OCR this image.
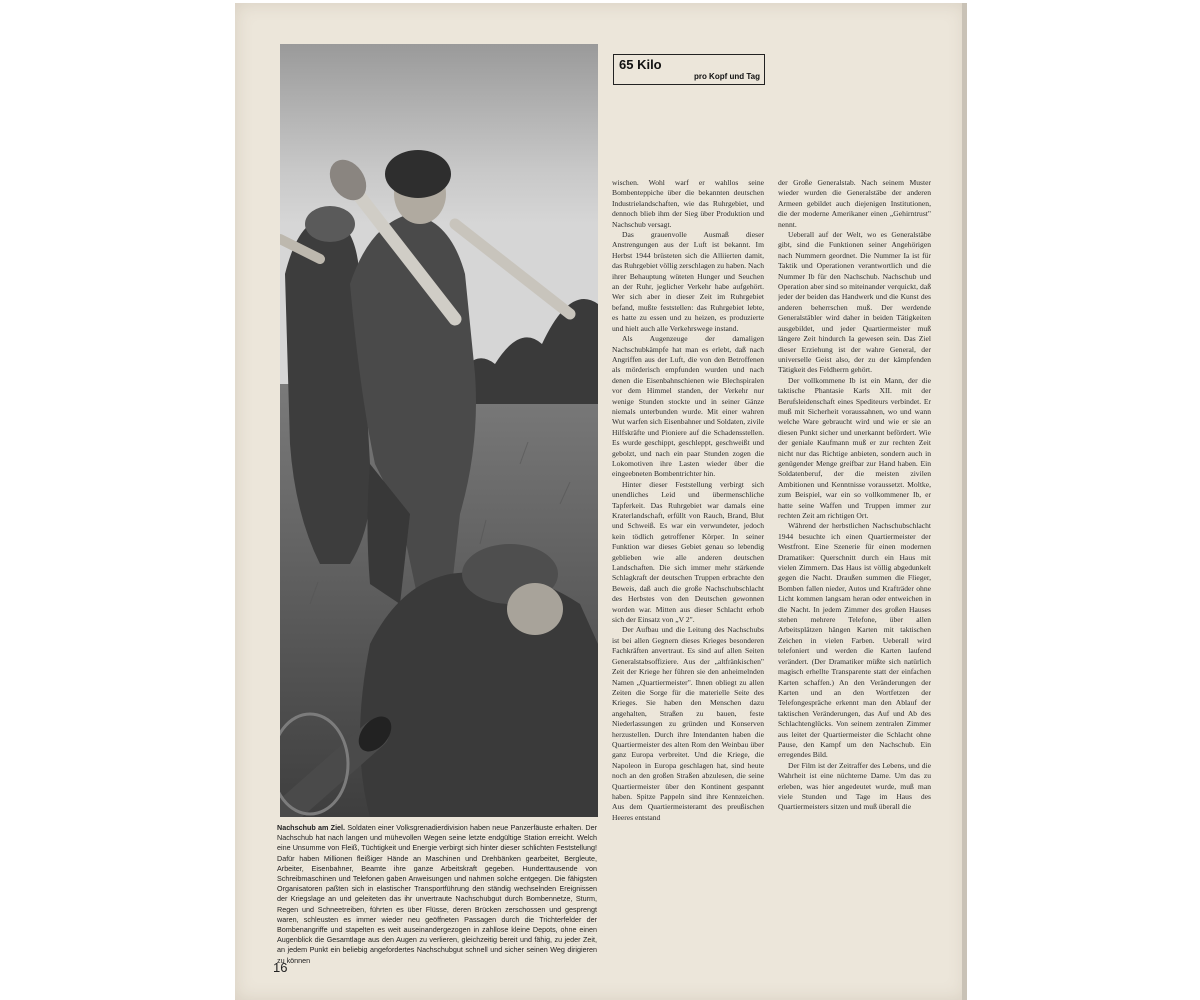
Nachschub am Ziel. Soldaten einer Volksgrenadierdivision haben neue Panzerfäuste erhalten. Der Nachschub hat nach langen und mühevollen Wegen seine letzte endgültige Station erreicht. Welch eine Unsumme von Fleiß, Tüchtigkeit und Energie verbirgt sich hinter dieser schlichten Feststellung! Dafür haben Millionen fleißiger Hände an Maschinen und Drehbänken gearbeitet, Bergleute, Arbeiter, Eisenbahner, Beamte ihre ganze Arbeitskraft gegeben. Hunderttausende von Schreibmaschinen und Telefonen gaben Anweisungen und nahmen solche entgegen. Die fähigsten Organisatoren paßten sich in elastischer Transportführung den ständig wechselnden Ereignissen der Kriegslage an und geleiteten das ihr unvertraute Nachschubgut durch Bombennetze, Sturm, Regen und Schneetreiben, führten es über Flüsse, deren Brücken zerschossen und gesprengt waren, schleusten es immer wieder neu geöffneten Passagen durch die Trichterfelder der Bombenangriffe und stapelten es weit auseinandergezogen in zahllose kleine Depots, ohne einen Augenblick die Gesamtlage aus den Augen zu verlieren, gleichzeitig bereit und fähig, zu jeder Zeit, an jedem Punkt ein beliebig angefordertes Nachschubgut schnell und sicher seinen Weg dirigieren zu können

16
65 Kilo
pro Kopf und Tag

wischen. Wohl warf er wahllos seine Bombenteppiche über die bekannten deutschen Industrielandschaften, wie das Ruhrgebiet, und dennoch blieb ihm der Sieg über Produktion und Nachschub versagt.

Das grauenvolle Ausmaß dieser Anstrengungen aus der Luft ist bekannt. Im Herbst 1944 brüsteten sich die Alliierten damit, das Ruhrgebiet völlig zerschlagen zu haben. Nach ihrer Behauptung wüteten Hunger und Seuchen an der Ruhr, jeglicher Verkehr habe aufgehört. Wer sich aber in dieser Zeit im Ruhrgebiet befand, mußte feststellen: das Ruhrgebiet lebte, es hatte zu essen und zu heizen, es produzierte und hielt auch alle Verkehrswege instand.

Als Augenzeuge der damaligen Nachschubkämpfe hat man es erlebt, daß nach Angriffen aus der Luft, die von den Betroffenen als mörderisch empfunden wurden und nach denen die Eisenbahnschienen wie Blechspiralen vor dem Himmel standen, der Verkehr nur wenige Stunden stockte und in seiner Gänze niemals unterbunden wurde. Mit einer wahren Wut warfen sich Eisenbahner und Soldaten, zivile Hilfskräfte und Pioniere auf die Schadensstellen. Es wurde geschippt, geschleppt, geschweißt und gebolzt, und nach ein paar Stunden zogen die Lokomotiven ihre Lasten wieder über die eingeebneten Bombentrichter hin.

Hinter dieser Feststellung verbirgt sich unendliches Leid und übermenschliche Tapferkeit. Das Ruhrgebiet war damals eine Kraterlandschaft, erfüllt von Rauch, Brand, Blut und Schweiß. Es war ein verwundeter, jedoch kein tödlich getroffener Körper. In seiner Funktion war dieses Gebiet genau so lebendig geblieben wie alle anderen deutschen Landschaften. Die sich immer mehr stärkende Schlagkraft der deutschen Truppen erbrachte den Beweis, daß auch die große Nachschubschlacht des Herbstes von den Deutschen gewonnen worden war. Mitten aus dieser Schlacht erhob sich der Einsatz von „V 2".

Der Aufbau und die Leitung des Nachschubs ist bei allen Gegnern dieses Krieges besonderen Fachkräften anvertraut. Es sind auf allen Seiten Generalstabsoffiziere. Aus der „altfränkischen" Zeit der Kriege her führen sie den anheimelnden Namen „Quartiermeister". Ihnen obliegt zu allen Zeiten die Sorge für die materielle Seite des Krieges. Sie haben den Menschen dazu angehalten, Straßen zu bauen, feste Niederlassungen zu gründen und Konserven herzustellen. Durch ihre Intendanten haben die Quartiermeister des alten Rom den Weinbau über ganz Europa verbreitet. Und die Kriege, die Napoleon in Europa geschlagen hat, sind heute noch an den großen Straßen abzulesen, die seine Quartiermeister über den Kontinent gespannt haben. Spitze Pappeln sind ihre Kennzeichen. Aus dem Quartiermeisteramt des preußischen Heeres entstand

der Große Generalstab. Nach seinem Muster wieder wurden die Generalstäbe der anderen Armeen gebildet auch diejenigen Institutionen, die der moderne Amerikaner einen „Gehirntrust" nennt.

Ueberall auf der Welt, wo es Generalstäbe gibt, sind die Funktionen seiner Angehörigen nach Nummern geordnet. Die Nummer Ia ist für Taktik und Operationen verantwortlich und die Nummer Ib für den Nachschub. Nachschub und Operation aber sind so miteinander verquickt, daß jeder der beiden das Handwerk und die Kunst des anderen beherrschen muß. Der werdende Generalstäbler wird daher in beiden Tätigkeiten ausgebildet, und jeder Quartiermeister muß längere Zeit hindurch Ia gewesen sein. Das Ziel dieser Erziehung ist der wahre General, der universelle Geist also, der zu der kämpfenden Tätigkeit des Feldherrn gehört.

Der vollkommene Ib ist ein Mann, der die taktische Phantasie Karls XII. mit der Berufsleidenschaft eines Spediteurs verbindet. Er muß mit Sicherheit voraussahnen, wo und wann welche Ware gebraucht wird und wie er sie an diesen Punkt sicher und unerkannt befördert. Wie der geniale Kaufmann muß er zur rechten Zeit nicht nur das Richtige anbieten, sondern auch in genügender Menge greifbar zur Hand haben. Ein Soldatenberuf, der die meisten zivilen Ambitionen und Kenntnisse voraussetzt. Moltke, zum Beispiel, war ein so vollkommener Ib, er hatte seine Waffen und Truppen immer zur rechten Zeit am richtigen Ort.

Während der herbstlichen Nachschubschlacht 1944 besuchte ich einen Quartiermeister der Westfront. Eine Szenerie für einen modernen Dramatiker: Querschnitt durch ein Haus mit vielen Zimmern. Das Haus ist völlig abgedunkelt gegen die Nacht. Draußen summen die Flieger, Bomben fallen nieder, Autos und Krafträder ohne Licht kommen langsam heran oder entweichen in die Nacht. In jedem Zimmer des großen Hauses stehen mehrere Telefone, über allen Arbeitsplätzen hängen Karten mit taktischen Zeichen in vielen Farben. Ueberall wird telefoniert und werden die Karten laufend verändert. (Der Dramatiker müßte sich natürlich magisch erhellte Transparente statt der einfachen Karten schaffen.) An den Veränderungen der Karten und an den Wortfetzen der Telefongespräche erkennt man den Ablauf der taktischen Veränderungen, das Auf und Ab des Schlachtenglücks. Von seinem zentralen Zimmer aus leitet der Quartiermeister die Schlacht ohne Pause, den Kampf um den Nachschub. Ein erregendes Bild.

Der Film ist der Zeitraffer des Lebens, und die Wahrheit ist eine nüchterne Dame. Um das zu erleben, was hier angedeutet wurde, muß man viele Stunden und Tage im Haus des Quartiermeisters sitzen und muß überall die
